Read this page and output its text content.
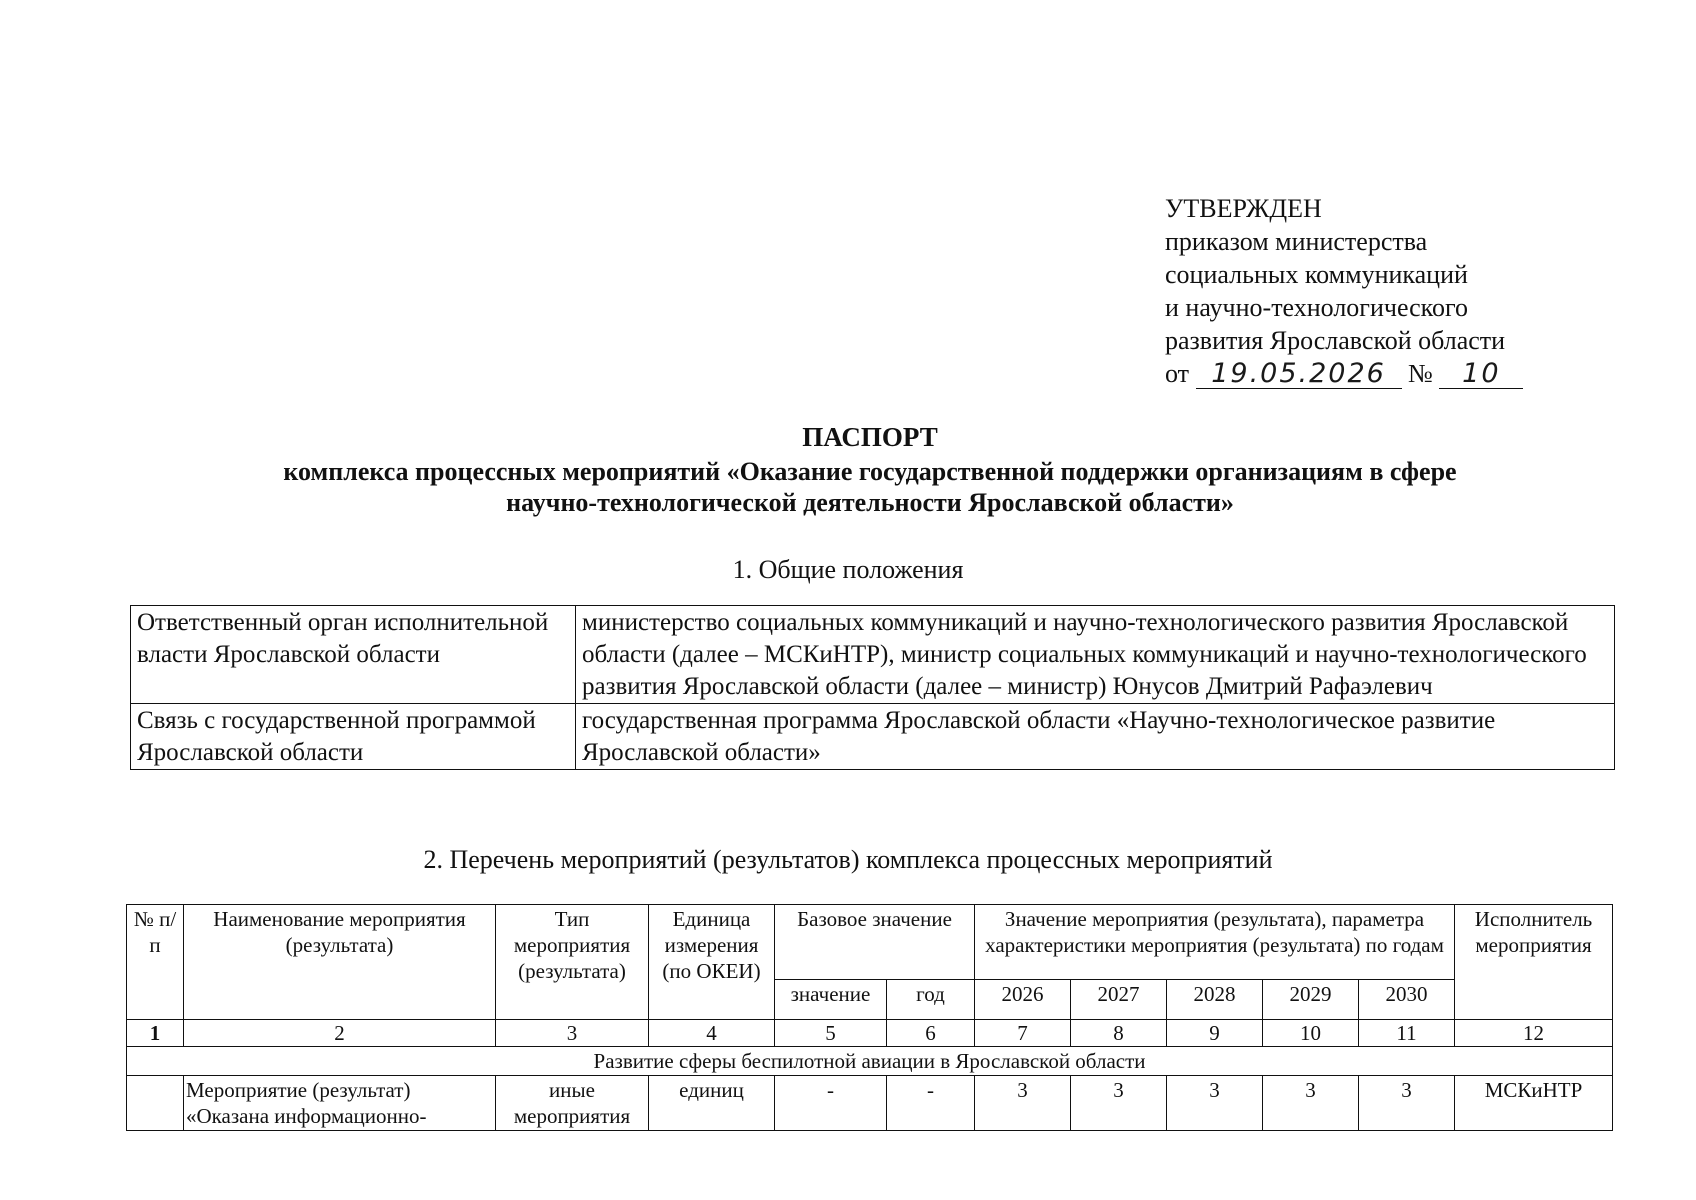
УТВЕРЖДЕН
приказом министерства
социальных коммуникаций
и научно-технологического
развития Ярославской области
от 19.05.2026 № 10
ПАСПОРТ
комплекса процессных мероприятий «Оказание государственной поддержки организациям в сфере
научно-технологической деятельности Ярославской области»
1. Общие положения
Ответственный орган исполнительной власти Ярославской области	министерство социальных коммуникаций и научно-технологического развития Ярославской области (далее – МСКиНТР), министр социальных коммуникаций и научно-технологического развития Ярославской области (далее – министр) Юнусов Дмитрий Рафаэлевич
Связь с государственной программой Ярославской области	государственная программа Ярославской области «Научно-технологическое развитие Ярославской области»
2. Перечень мероприятий (результатов) комплекса процессных мероприятий
№ п/п	Наименование мероприятия (результата)	Тип мероприятия (результата)	Единица измерения (по ОКЕИ)	Базовое значение		Значение мероприятия (результата), параметра характеристики мероприятия (результата) по годам					Исполнитель мероприятия
				значение	год	2026	2027	2028	2029	2030	
1	2	3	4	5	6	7	8	9	10	11	12
Развитие сферы беспилотной авиации в Ярославской области											
	Мероприятие (результат) «Оказана информационно-	иные мероприятия	единиц	-	-	3	3	3	3	3	МСКиНТР
